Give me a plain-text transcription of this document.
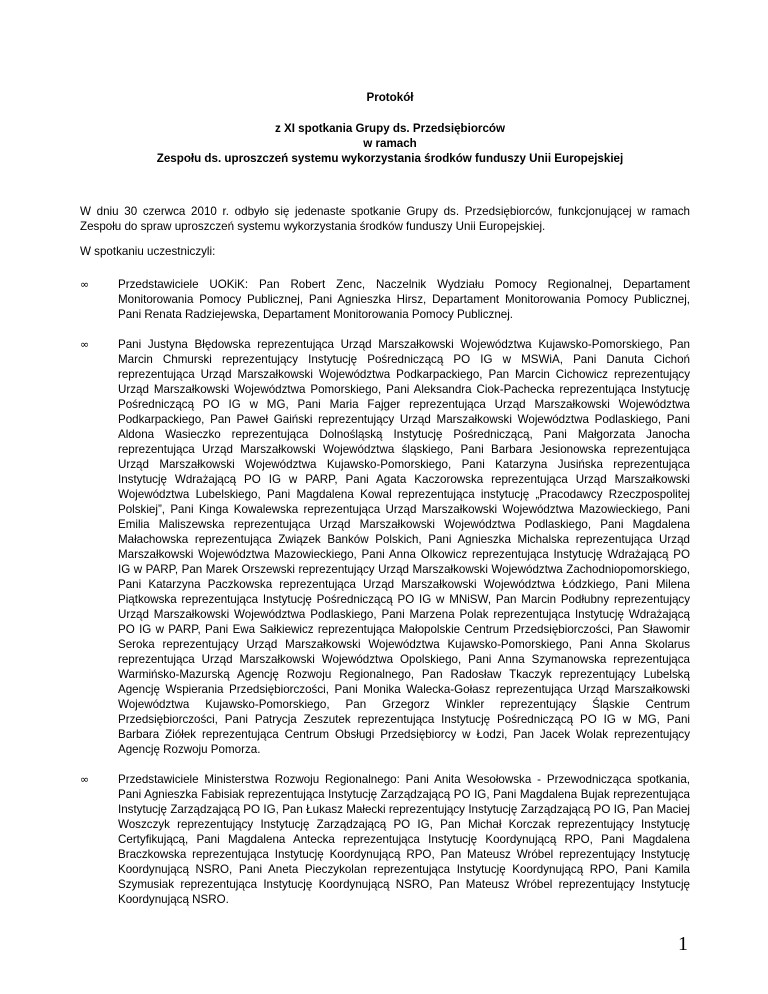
Protokół
z XI spotkania Grupy ds. Przedsiębiorców
w ramach
Zespołu ds. uproszczeń systemu wykorzystania środków funduszy Unii Europejskiej
W dniu 30 czerwca 2010 r. odbyło się jedenaste spotkanie Grupy ds. Przedsiębiorców, funkcjonującej w ramach Zespołu do spraw uproszczeń systemu wykorzystania środków funduszy Unii Europejskiej.
W spotkaniu uczestniczyli:
∞ Przedstawiciele UOKiK: Pan Robert Zenc, Naczelnik Wydziału Pomocy Regionalnej, Departament Monitorowania Pomocy Publicznej, Pani Agnieszka Hirsz, Departament Monitorowania Pomocy Publicznej, Pani Renata Radziejewska, Departament Monitorowania Pomocy Publicznej.
∞ Pani Justyna Błędowska reprezentująca Urząd Marszałkowski Województwa Kujawsko-Pomorskiego, Pan Marcin Chmurski reprezentujący Instytucję Pośredniczącą PO IG w MSWiA, Pani Danuta Cichoń reprezentująca Urząd Marszałkowski Województwa Podkarpackiego, Pan Marcin Cichowicz reprezentujący Urząd Marszałkowski Województwa Pomorskiego, Pani Aleksandra Ciok-Pachecka reprezentująca Instytucję Pośredniczącą PO IG w MG, Pani Maria Fajger reprezentująca Urząd Marszałkowski Województwa Podkarpackiego, Pan Paweł Gaiński reprezentujący Urząd Marszałkowski Województwa Podlaskiego, Pani Aldona Wasieczko reprezentująca Dolnośląską Instytucję Pośredniczącą, Pani Małgorzata Janocha reprezentująca Urząd Marszałkowski Województwa śląskiego, Pani Barbara Jesionowska reprezentująca Urząd Marszałkowski Województwa Kujawsko-Pomorskiego, Pani Katarzyna Jusińska reprezentująca Instytucję Wdrażającą PO IG w PARP, Pani Agata Kaczorowska reprezentująca Urząd Marszałkowski Województwa Lubelskiego, Pani Magdalena Kowal reprezentująca instytucję „Pracodawcy Rzeczpospolitej Polskiej”, Pani Kinga Kowalewska reprezentująca Urząd Marszałkowski Województwa Mazowieckiego, Pani Emilia Maliszewska reprezentująca Urząd Marszałkowski Województwa Podlaskiego, Pani Magdalena Małachowska reprezentująca Związek Banków Polskich, Pani Agnieszka Michalska reprezentująca Urząd Marszałkowski Województwa Mazowieckiego, Pani Anna Olkowicz reprezentująca Instytucję Wdrażającą PO IG w PARP, Pan Marek Orszewski reprezentujący Urząd Marszałkowski Województwa Zachodniopomorskiego, Pani Katarzyna Paczkowska reprezentująca Urząd Marszałkowski Województwa Łódzkiego, Pani Milena Piątkowska reprezentująca Instytucję Pośredniczącą PO IG w MNiSW, Pan Marcin Podłubny reprezentujący Urząd Marszałkowski Województwa Podlaskiego, Pani Marzena Polak reprezentująca Instytucję Wdrażającą PO IG w PARP, Pani Ewa Sałkiewicz reprezentująca Małopolskie Centrum Przedsiębiorczości, Pan Sławomir Seroka reprezentujący Urząd Marszałkowski Województwa Kujawsko-Pomorskiego, Pani Anna Skolarus reprezentująca Urząd Marszałkowski Województwa Opolskiego, Pani Anna Szymanowska reprezentująca Warmińsko-Mazurską Agencję Rozwoju Regionalnego, Pan Radosław Tkaczyk reprezentujący Lubelską Agencję Wspierania Przedsiębiorczości, Pani Monika Walecka-Gołasz reprezentująca Urząd Marszałkowski Województwa Kujawsko-Pomorskiego, Pan Grzegorz Winkler reprezentujący Śląskie Centrum Przedsiębiorczości, Pani Patrycja Zeszutek reprezentująca Instytucję Pośredniczącą PO IG w MG, Pani Barbara Ziółek reprezentująca Centrum Obsługi Przedsiębiorcy w Łodzi, Pan Jacek Wolak reprezentujący Agencję Rozwoju Pomorza.
∞ Przedstawiciele Ministerstwa Rozwoju Regionalnego: Pani Anita Wesołowska - Przewodnicząca spotkania, Pani Agnieszka Fabisiak reprezentująca Instytucję Zarządzającą PO IG, Pani Magdalena Bujak reprezentująca Instytucję Zarządzającą PO IG, Pan Łukasz Małecki reprezentujący Instytucję Zarządzającą PO IG, Pan Maciej Woszczyk reprezentujący Instytucję Zarządzającą PO IG, Pan Michał Korczak reprezentujący Instytucję Certyfikującą, Pani Magdalena Antecka reprezentująca Instytucję Koordynującą RPO, Pani Magdalena Braczkowska reprezentująca Instytucję Koordynującą RPO, Pan Mateusz Wróbel reprezentujący Instytucję Koordynującą NSRO, Pani Aneta Pieczykolan reprezentująca Instytucję Koordynującą RPO, Pani Kamila Szymusiak reprezentująca Instytucję Koordynującą NSRO, Pan Mateusz Wróbel reprezentujący Instytucję Koordynującą NSRO.
1
